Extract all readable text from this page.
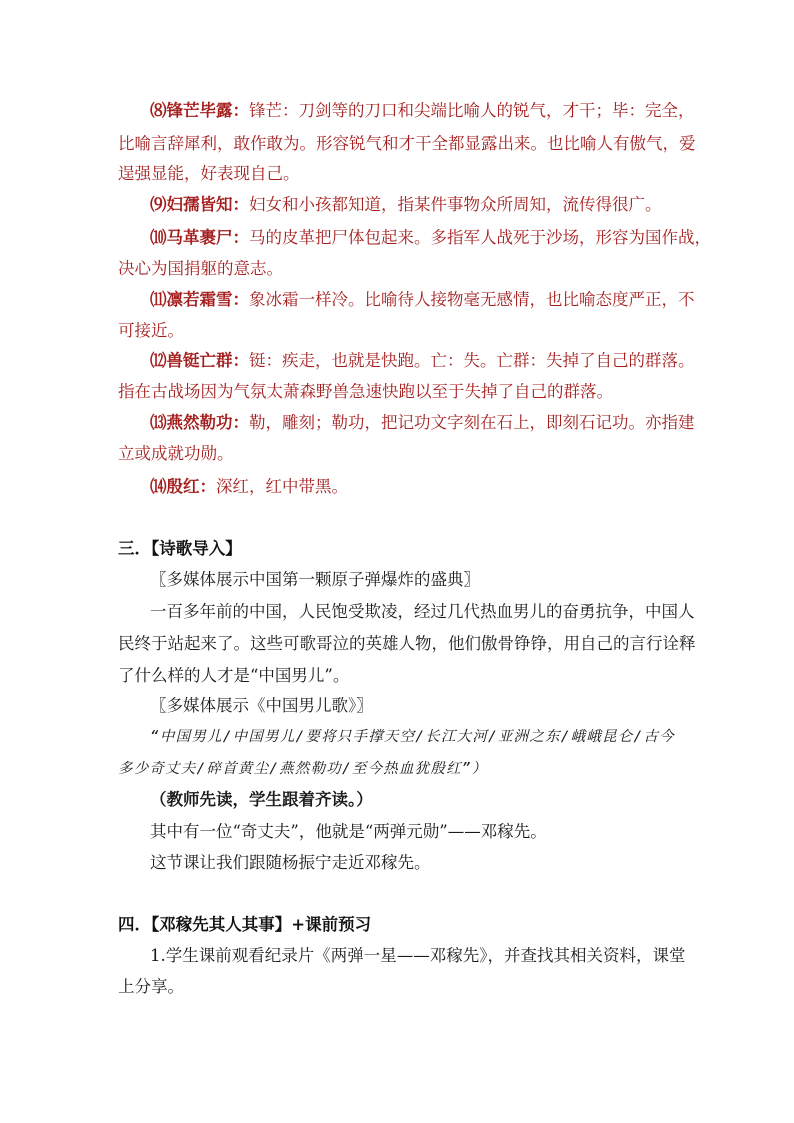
⑻锋芒毕露：锋芒：刀剑等的刀口和尖端比喻人的锐气，才干；毕：完全，
比喻言辞犀利，敢作敢为。形容锐气和才干全都显露出来。也比喻人有傲气，爱
逞强显能，好表现自己。
⑼妇孺皆知：妇女和小孩都知道，指某件事物众所周知，流传得很广。
⑽马革裹尸：马的皮革把尸体包起来。多指军人战死于沙场，形容为国作战，
决心为国捐躯的意志。
⑾凛若霜雪：象冰霜一样冷。比喻待人接物毫无感情，也比喻态度严正，不
可接近。
⑿兽铤亡群：铤：疾走，也就是快跑。亡：失。亡群：失掉了自己的群落。
指在古战场因为气氛太萧森野兽急速快跑以至于失掉了自己的群落。
⒀燕然勒功：勒，雕刻；勒功，把记功文字刻在石上，即刻石记功。亦指建
立或成就功勋。
⒁殷红：深红，红中带黑。
三．【诗歌导入】
〖多媒体展示中国第一颗原子弹爆炸的盛典〗
一百多年前的中国，人民饱受欺凌，经过几代热血男儿的奋勇抗争，中国人
民终于站起来了。这些可歌哥泣的英雄人物，他们傲骨铮铮，用自己的言行诠释
了什么样的人才是“中国男儿”。
〖多媒体展示《中国男儿歌》〗
“中国男儿/中国男儿/要将只手撑天空/长江大河/亚洲之东/峨峨昆仑/古今
多少奇丈夫/碎首黄尘/燕然勒功/至今热血犹殷红”）
（教师先读，学生跟着齐读。）
其中有一位“奇丈夫”，他就是“两弹元勋”——邓稼先。
这节课让我们跟随杨振宁走近邓稼先。
四．【邓稼先其人其事】+课前预习
1.学生课前观看纪录片《两弹一星——邓稼先》，并查找其相关资料，课堂
上分享。
